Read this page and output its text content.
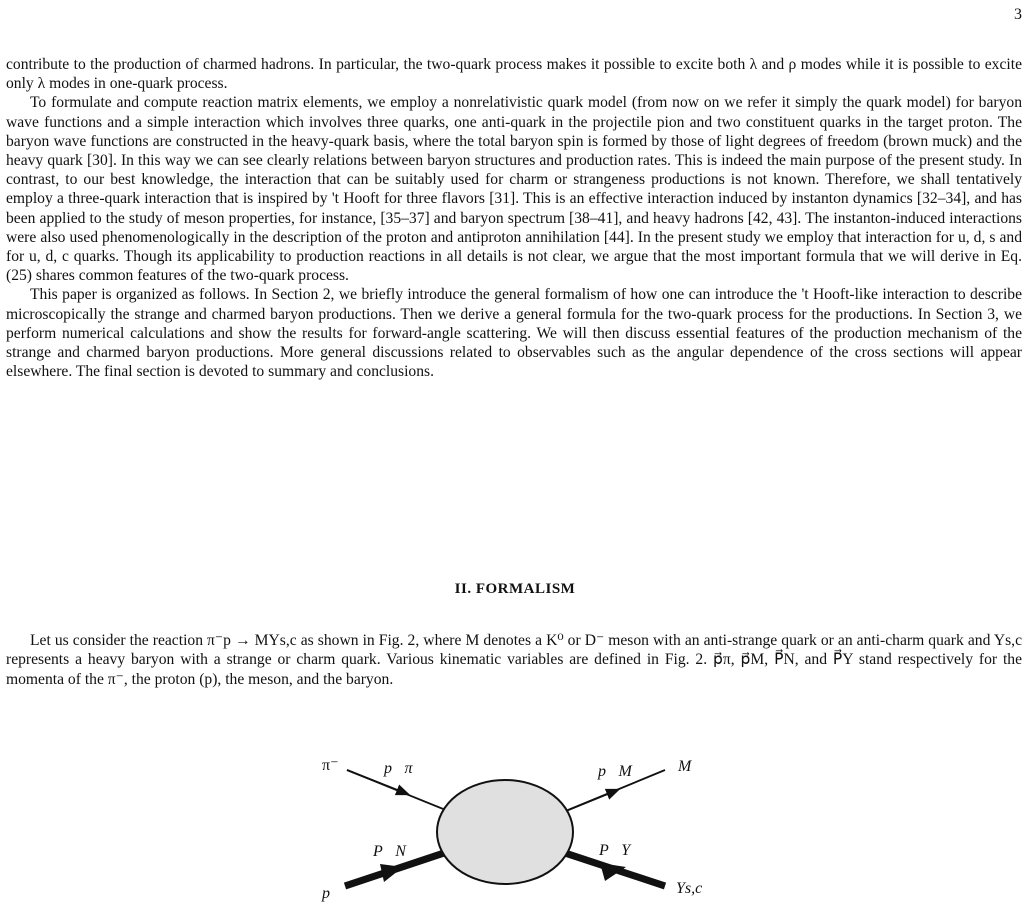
3

contribute to the production of charmed hadrons. In particular, the two-quark process makes it possible to excite both λ and ρ modes while it is possible to excite only λ modes in one-quark process.

To formulate and compute reaction matrix elements, we employ a nonrelativistic quark model (from now on we refer it simply the quark model) for baryon wave functions and a simple interaction which involves three quarks, one anti-quark in the projectile pion and two constituent quarks in the target proton. The baryon wave functions are constructed in the heavy-quark basis, where the total baryon spin is formed by those of light degrees of freedom (brown muck) and the heavy quark [30]. In this way we can see clearly relations between baryon structures and production rates. This is indeed the main purpose of the present study. In contrast, to our best knowledge, the interaction that can be suitably used for charm or strangeness productions is not known. Therefore, we shall tentatively employ a three-quark interaction that is inspired by 't Hooft for three flavors [31]. This is an effective interaction induced by instanton dynamics [32–34], and has been applied to the study of meson properties, for instance, [35–37] and baryon spectrum [38–41], and heavy hadrons [42, 43]. The instanton-induced interactions were also used phenomenologically in the description of the proton and antiproton annihilation [44]. In the present study we employ that interaction for u, d, s and for u, d, c quarks. Though its applicability to production reactions in all details is not clear, we argue that the most important formula that we will derive in Eq. (25) shares common features of the two-quark process.

This paper is organized as follows. In Section 2, we briefly introduce the general formalism of how one can introduce the 't Hooft-like interaction to describe microscopically the strange and charmed baryon productions. Then we derive a general formula for the two-quark process for the productions. In Section 3, we perform numerical calculations and show the results for forward-angle scattering. We will then discuss essential features of the production mechanism of the strange and charmed baryon productions. More general discussions related to observables such as the angular dependence of the cross sections will appear elsewhere. The final section is devoted to summary and conclusions.

II. FORMALISM

Let us consider the reaction π⁻p → MYs,c as shown in Fig. 2, where M denotes a K⁰ or D⁻ meson with an anti-strange quark or an anti-charm quark and Ys,c represents a heavy baryon with a strange or charm quark. Various kinematic variables are defined in Fig. 2. p⃗π, p⃗M, P⃗N, and P⃗Y stand respectively for the momenta of the π⁻, the proton (p), the meson, and the baryon.

π⁻	p⃗π	p⃗M	M
P⃗N	P⃗Y
p	Ys,c
